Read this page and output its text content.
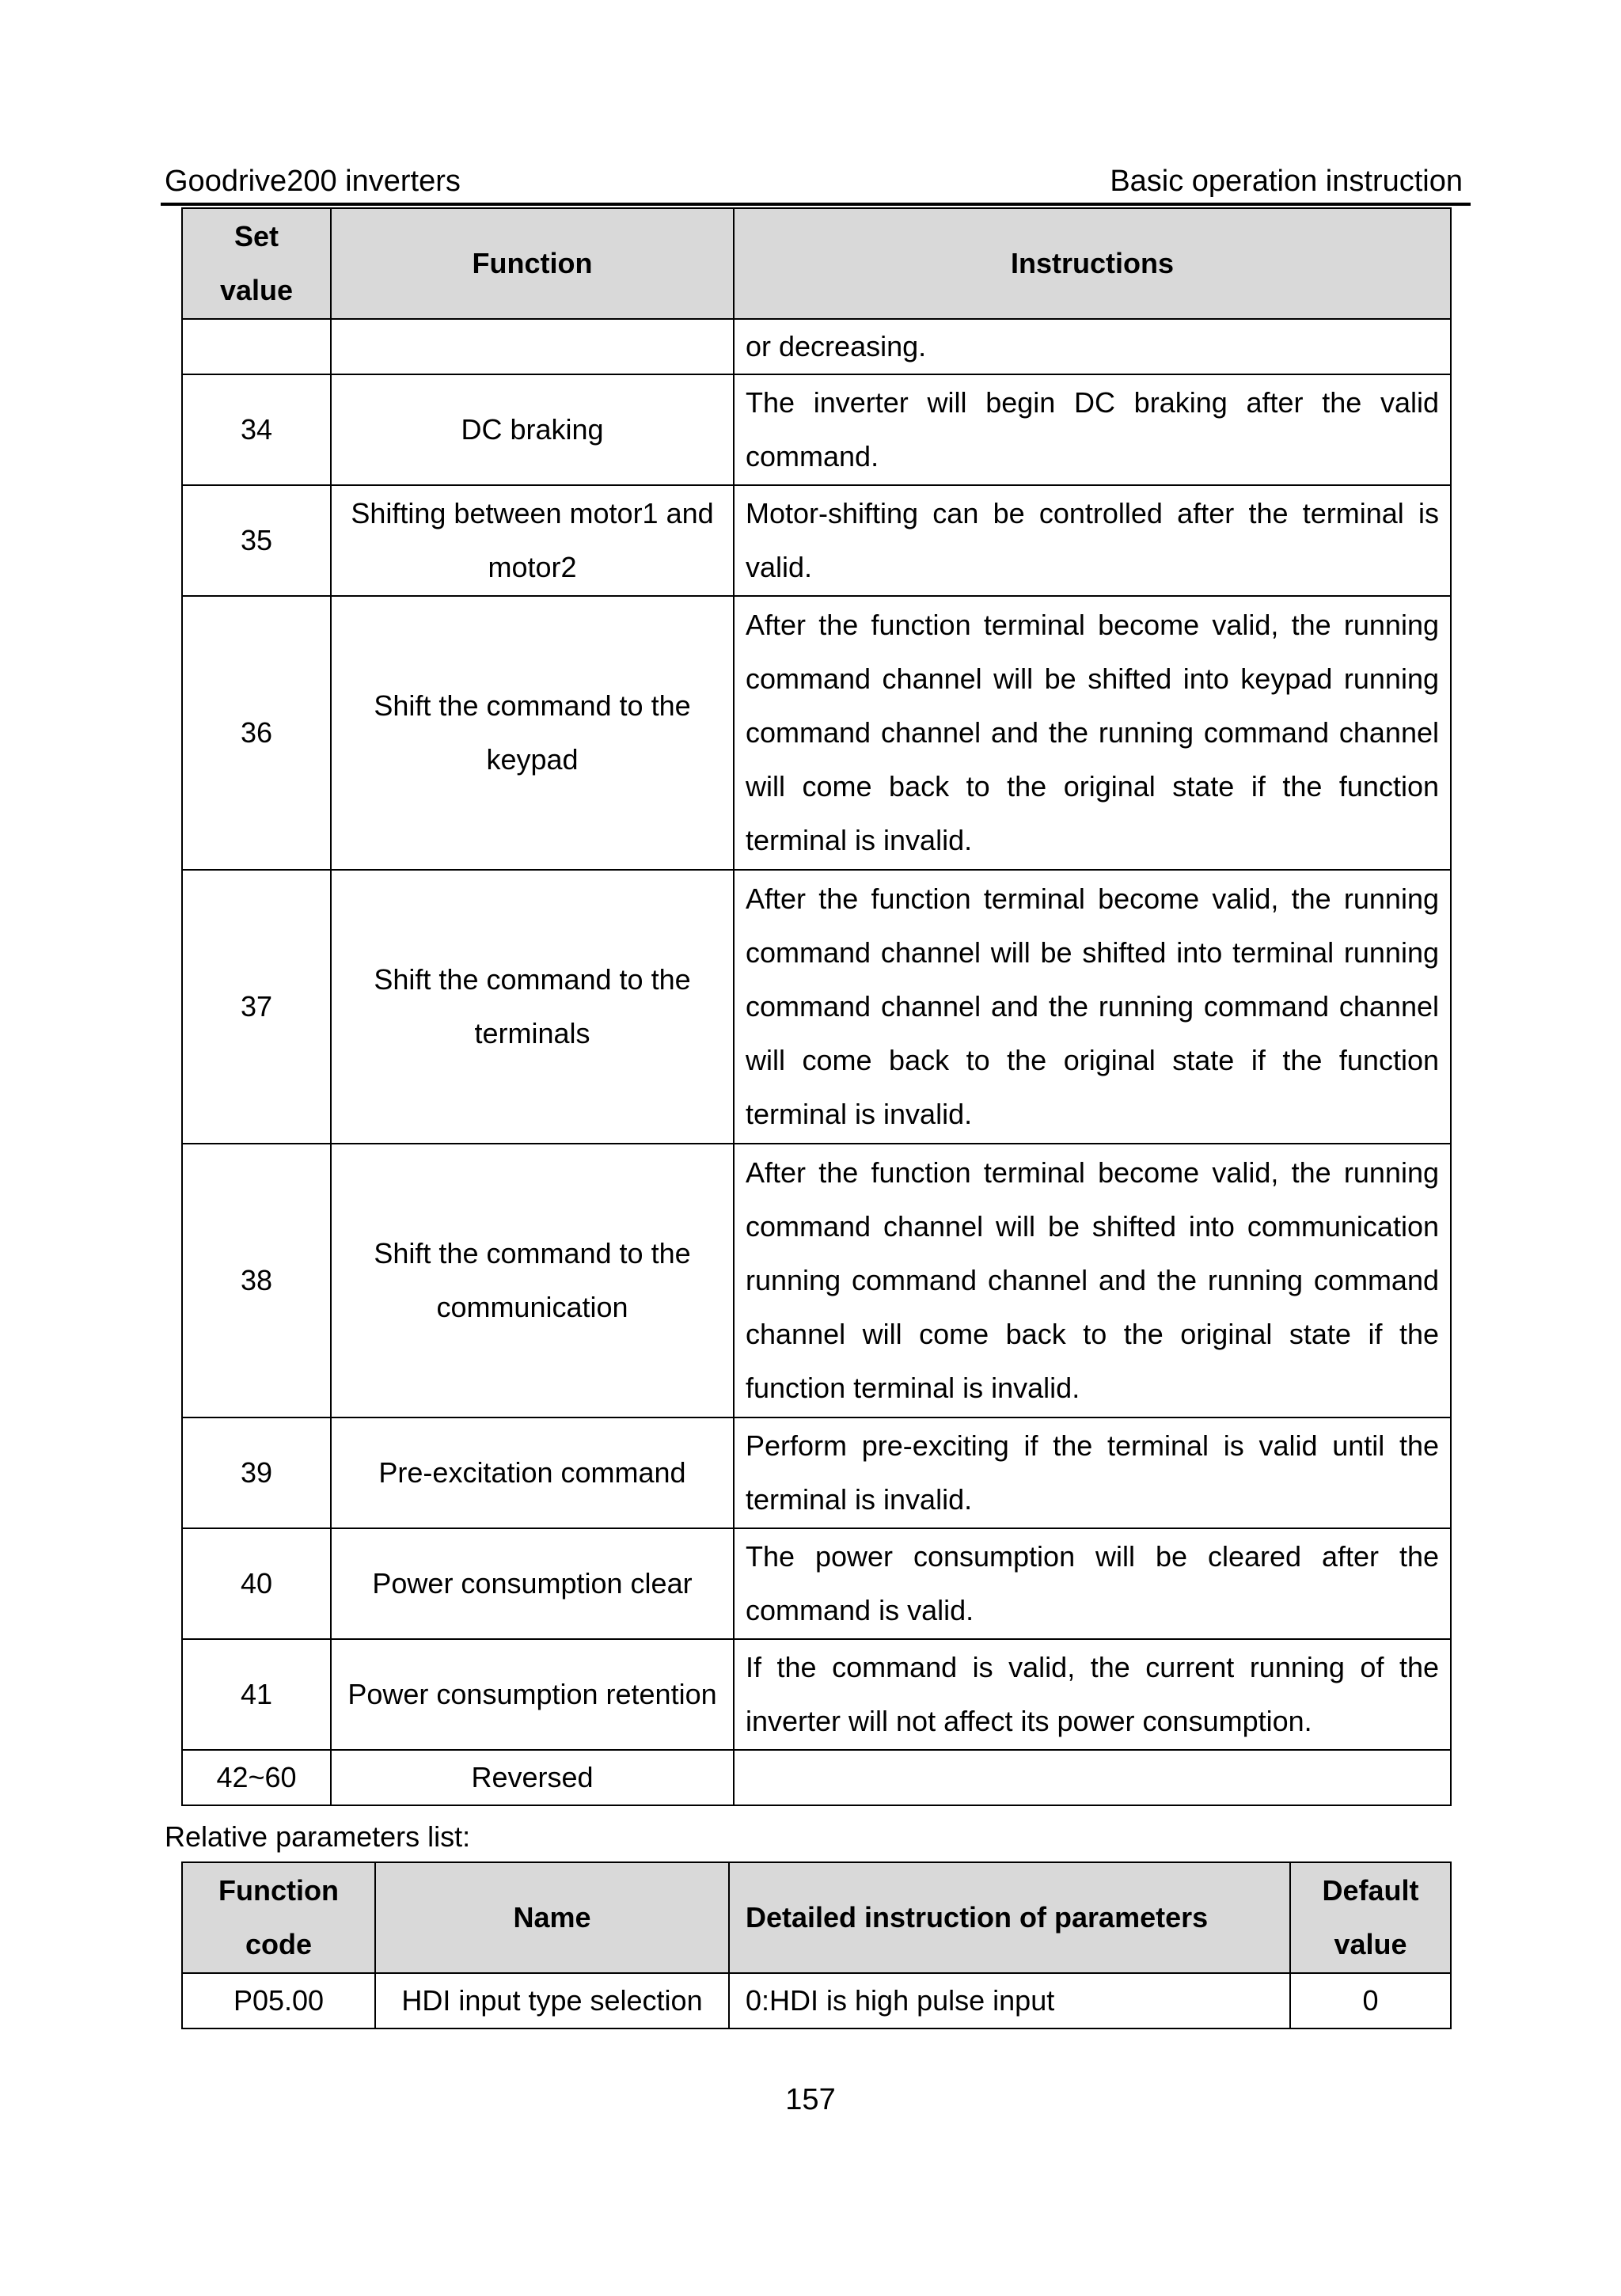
Goodrive200 inverters	Basic operation instruction
Set value	Function	Instructions
		or decreasing.
34	DC braking	The inverter will begin DC braking after the valid command.
35	Shifting between motor1 and motor2	Motor-shifting can be controlled after the terminal is valid.
36	Shift the command to the keypad	After the function terminal become valid, the running command channel will be shifted into keypad running command channel and the running command channel will come back to the original state if the function terminal is invalid.
37	Shift the command to the terminals	After the function terminal become valid, the running command channel will be shifted into terminal running command channel and the running command channel will come back to the original state if the function terminal is invalid.
38	Shift the command to the communication	After the function terminal become valid, the running command channel will be shifted into communication running command channel and the running command channel will come back to the original state if the function terminal is invalid.
39	Pre-excitation command	Perform pre-exciting if the terminal is valid until the terminal is invalid.
40	Power consumption clear	The power consumption will be cleared after the command is valid.
41	Power consumption retention	If the command is valid, the current running of the inverter will not affect its power consumption.
42~60	Reversed	
Relative parameters list:
Function code	Name	Detailed instruction of parameters	Default value
P05.00	HDI input type selection	0:HDI is high pulse input	0
157
